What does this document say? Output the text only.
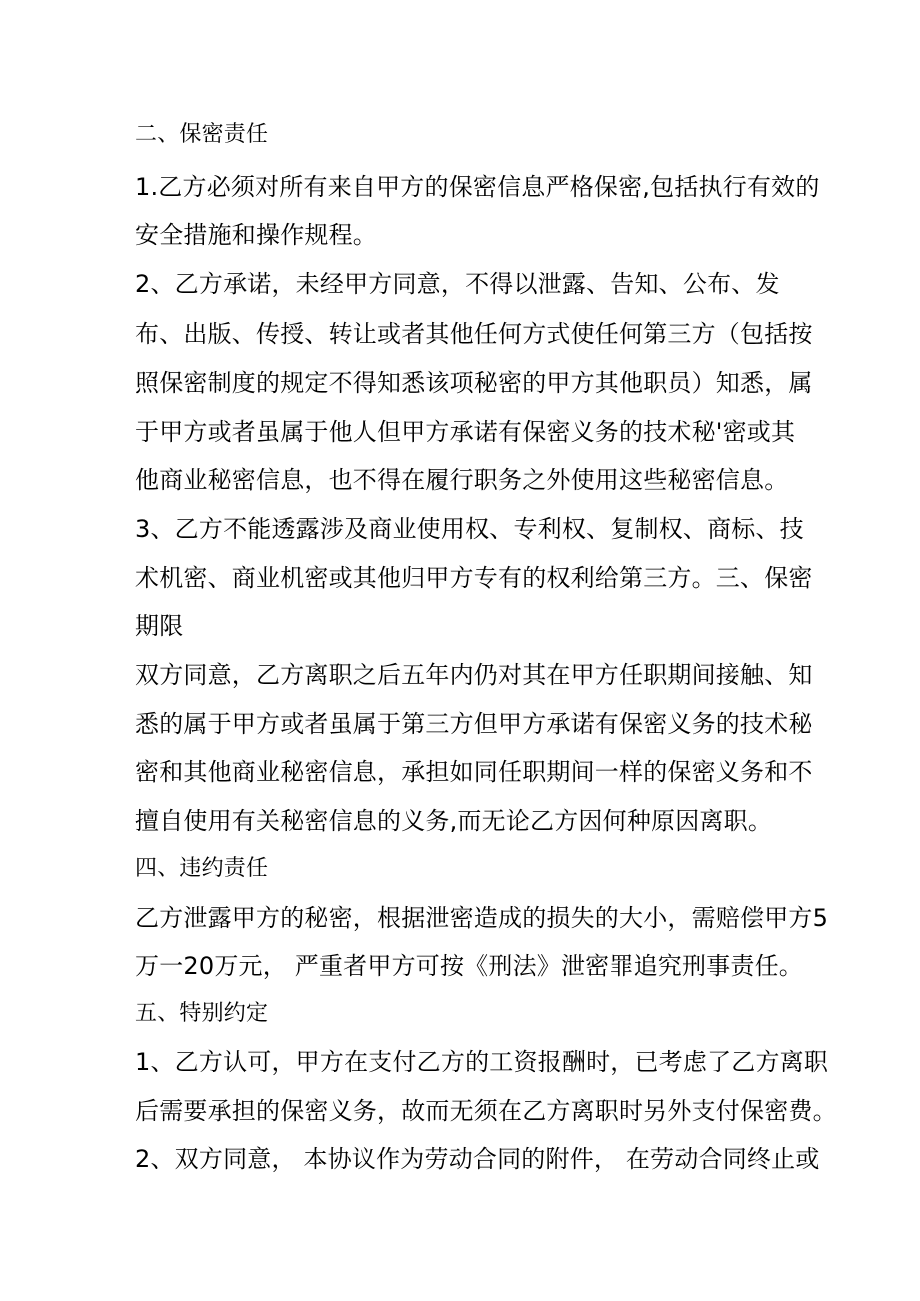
二、保密责任
1.乙方必须对所有来自甲方的保密信息严格保密,包括执行有效的
安全措施和操作规程。
2、乙方承诺，未经甲方同意，不得以泄露、告知、公布、发
布、出版、传授、转让或者其他任何方式使任何第三方（包括按
照保密制度的规定不得知悉该项秘密的甲方其他职员）知悉，属
于甲方或者虽属于他人但甲方承诺有保密义务的技术秘'密或其
他商业秘密信息，也不得在履行职务之外使用这些秘密信息。
3、乙方不能透露涉及商业使用权、专利权、复制权、商标、技
术机密、商业机密或其他归甲方专有的权利给第三方。三、保密
期限
双方同意，乙方离职之后五年内仍对其在甲方任职期间接触、知
悉的属于甲方或者虽属于第三方但甲方承诺有保密义务的技术秘
密和其他商业秘密信息，承担如同任职期间一样的保密义务和不
擅自使用有关秘密信息的义务,而无论乙方因何种原因离职。
四、违约责任
乙方泄露甲方的秘密，根据泄密造成的损失的大小，需赔偿甲方5
万一20万元， 严重者甲方可按《刑法》泄密罪追究刑事责任。
五、特别约定
1、乙方认可，甲方在支付乙方的工资报酬时，已考虑了乙方离职
后需要承担的保密义务，故而无须在乙方离职时另外支付保密费。
2、双方同意， 本协议作为劳动合同的附件， 在劳动合同终止或
